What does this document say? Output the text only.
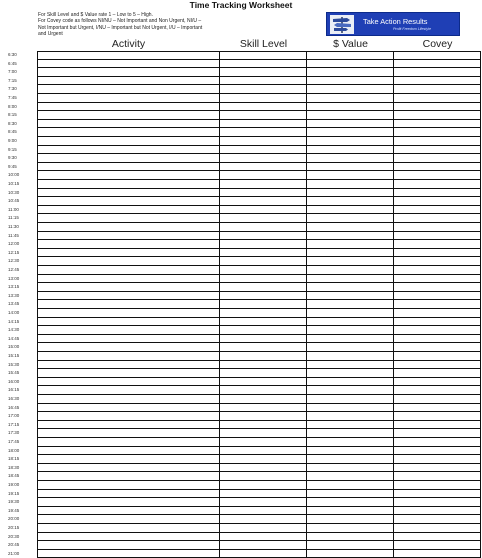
Time Tracking Worksheet
For Skill Level and $ Value rate 1 – Low to 5 – High.
For Covey code as follows NI/NU – Not Important and Non Urgent, NI/U –
Not Important but Urgent, I/NU – Important but Not Urgent, I/U – Important
and Urgent
Take Action Results
Profit Freedom Lifestyle
Activity	Skill Level	$ Value	Covey
6:30
6:45
7:00
7:15
7:30
7:45
8:00
8:15
8:30
8:45
9:00
9:15
9:30
9:45
10:00
10:15
10:30
10:45
11:00
11:15
11:30
11:45
12:00
12:15
12:30
12:45
13:00
13:15
13:30
13:45
14:00
14:15
14:30
14:45
15:00
15:15
15:30
15:45
16:00
16:15
16:30
16:45
17:00
17:15
17:30
17:45
18:00
18:15
18:30
18:45
19:00
19:15
19:30
19:45
20:00
20:15
20:30
20:45
21:00
